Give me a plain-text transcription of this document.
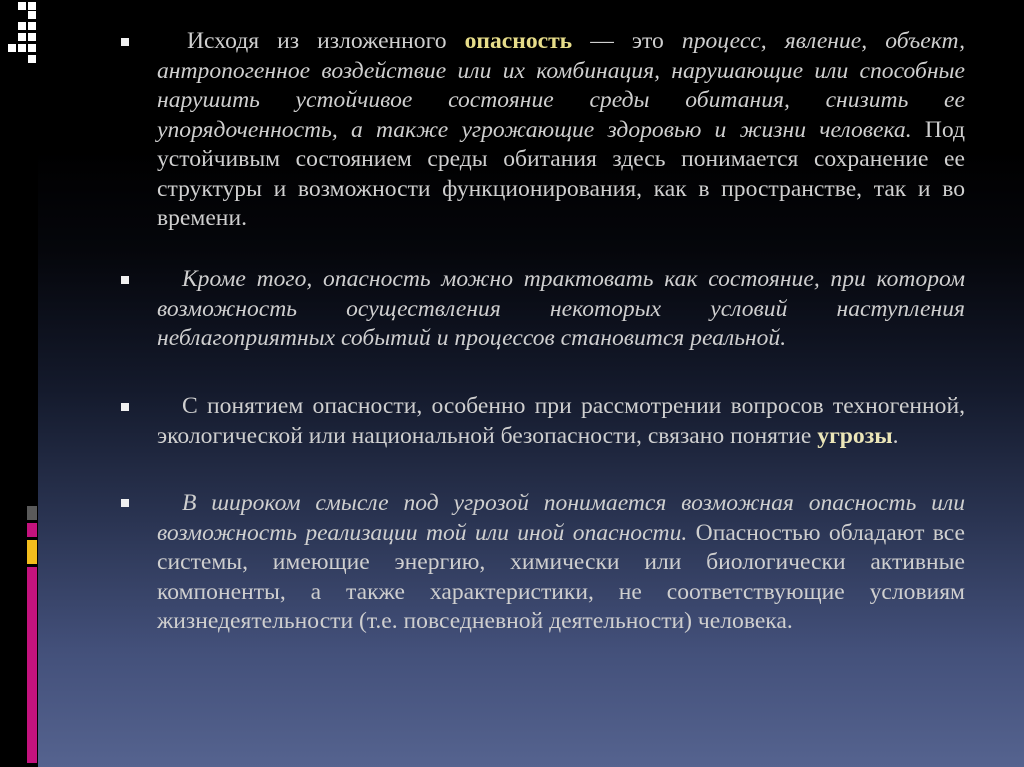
Исходя из изложенного опасность — это процесс, явление, объект, антропогенное воздействие или их комбинация, нарушающие или способные нарушить устойчивое состояние среды обитания, снизить ее упорядоченность, а также угрожающие здоровью и жизни человека. Под устойчивым состоянием среды обитания здесь понимается сохранение ее структуры и возможности функционирования, как в пространстве, так и во времени.
Кроме того, опасность можно трактовать как состояние, при котором возможность осуществления некоторых условий наступления неблагоприятных событий и процессов становится реальной.
С понятием опасности, особенно при рассмотрении вопросов техногенной, экологической или национальной безопасности, связано понятие угрозы.
В широком смысле под угрозой понимается возможная опасность или возможность реализации той или иной опасности. Опасностью обладают все системы, имеющие энергию, химически или биологически активные компоненты, а также характеристики, не соответствующие условиям жизнедеятельности (т.е. повседневной деятельности) человека.
